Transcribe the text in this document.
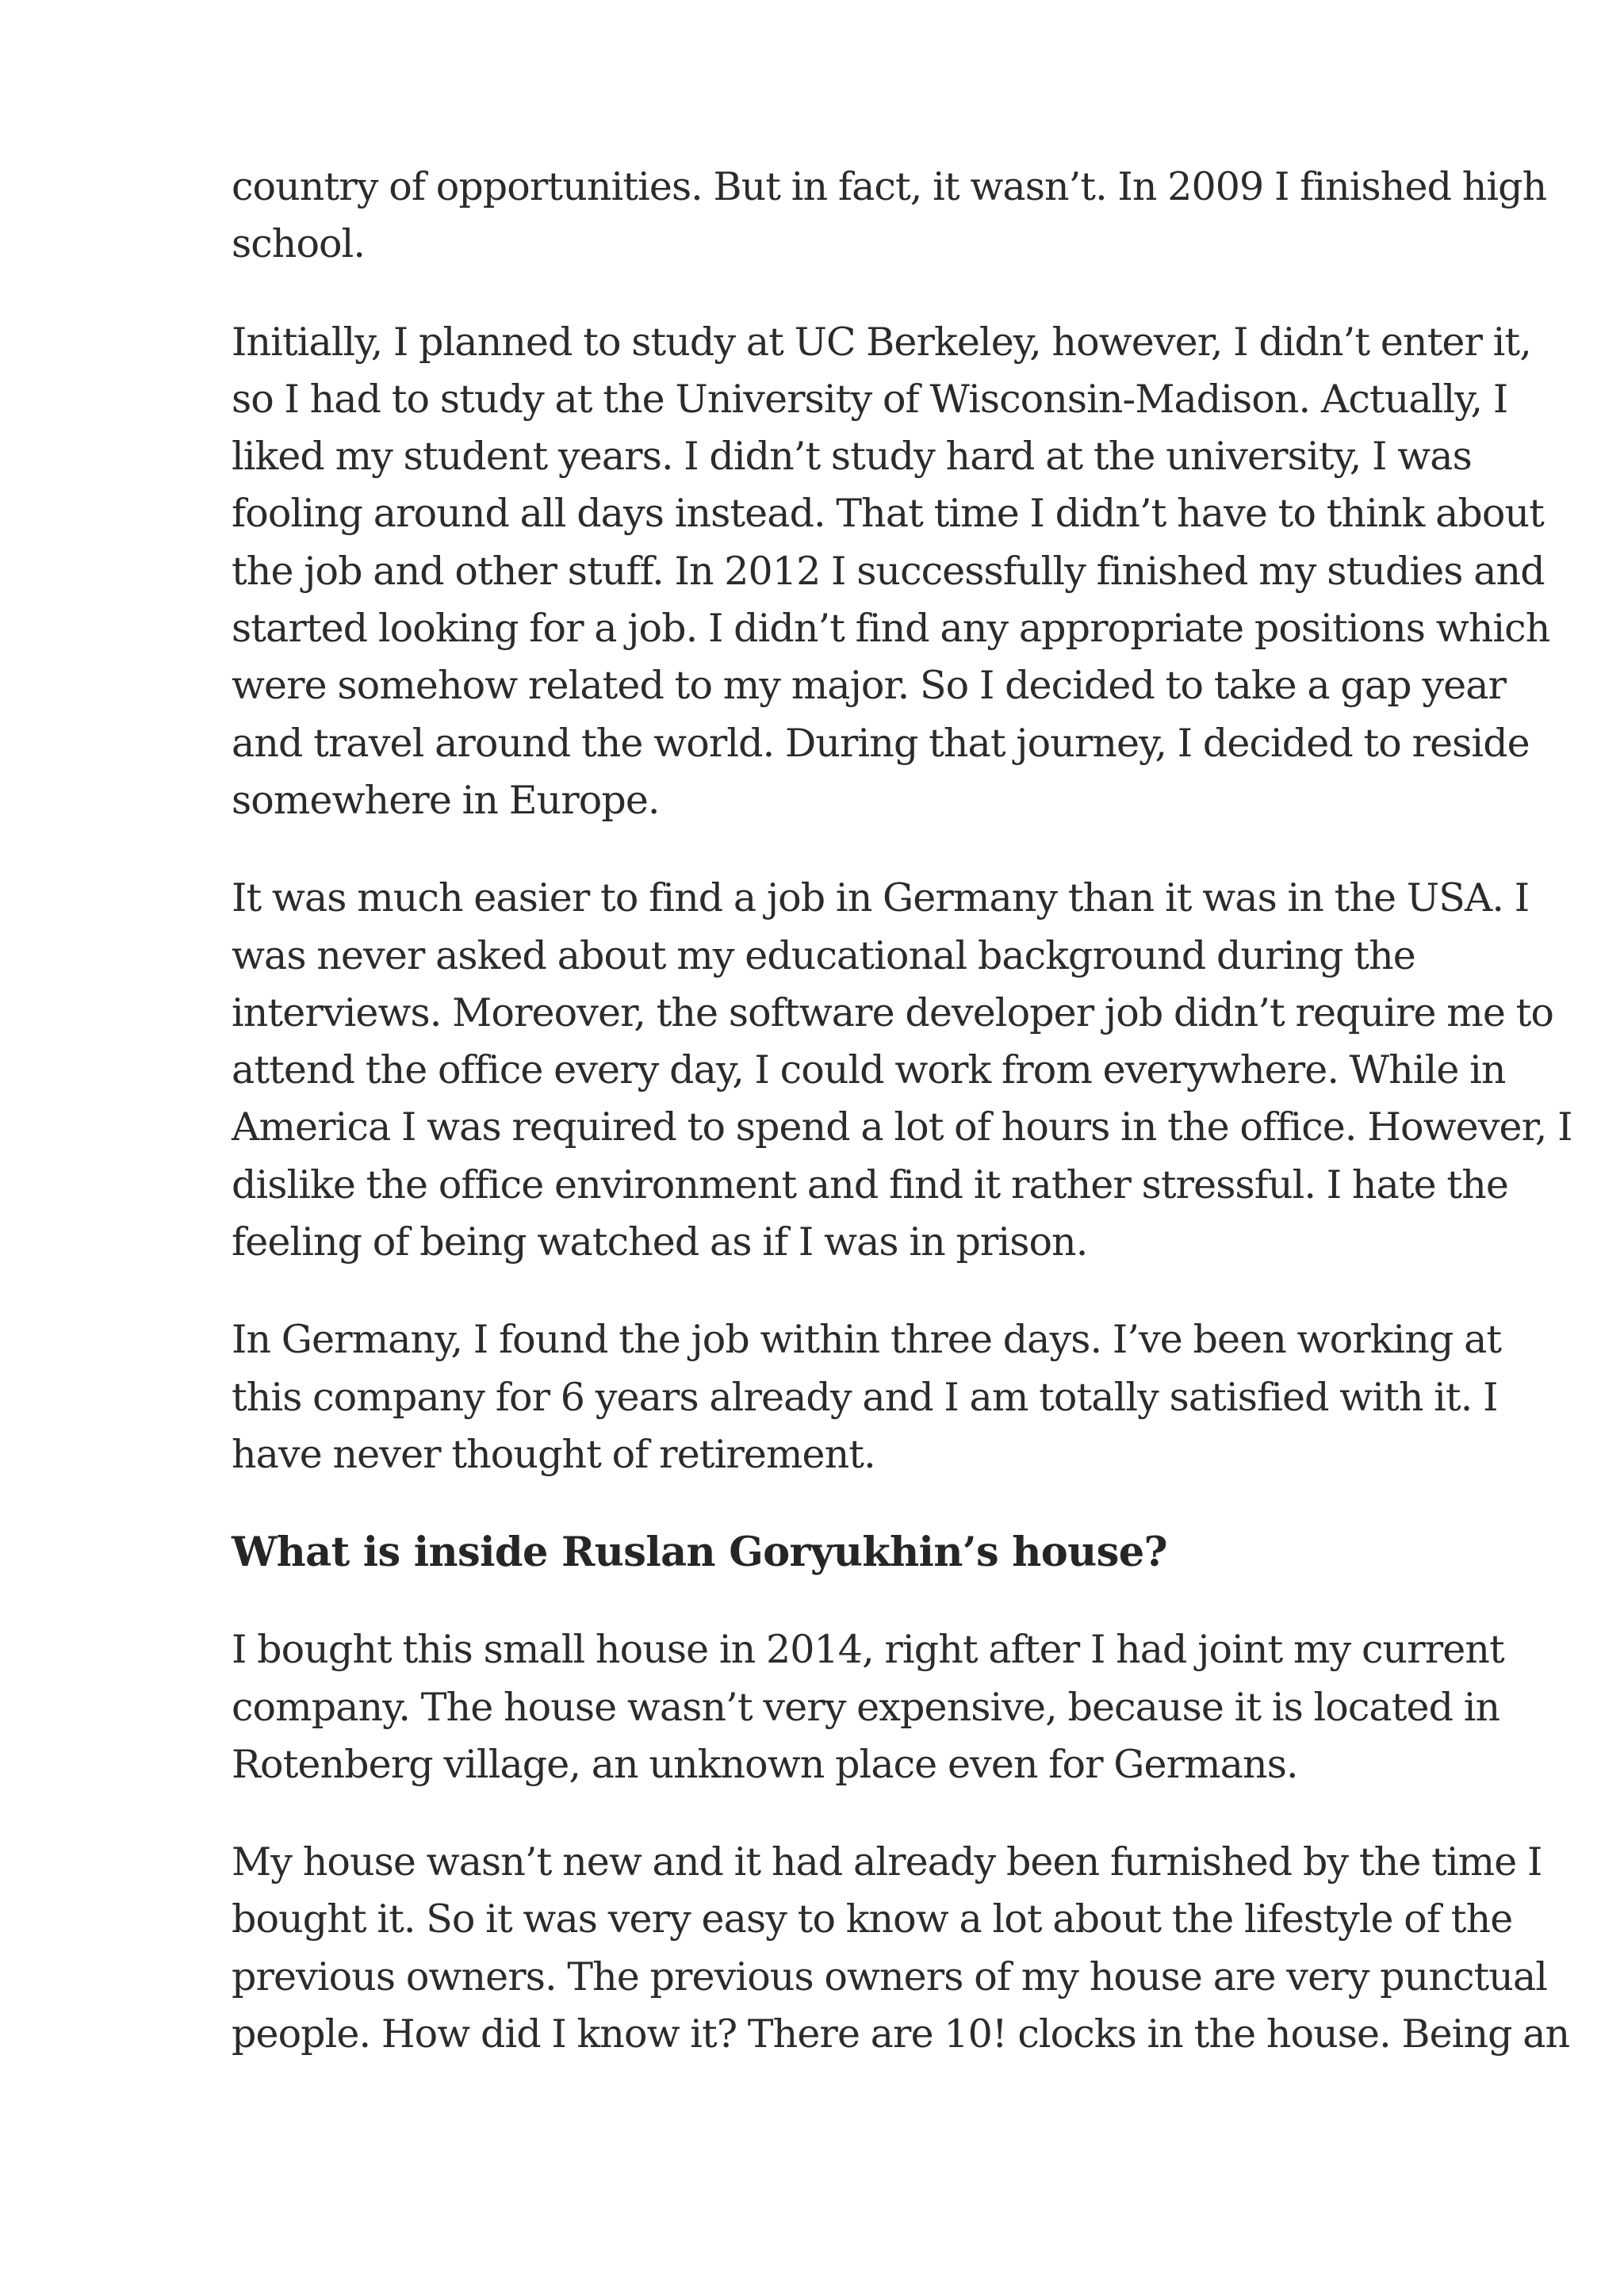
country of opportunities. But in fact, it wasn’t. In 2009 I finished high
school.

Initially, I planned to study at UC Berkeley, however, I didn’t enter it,
so I had to study at the University of Wisconsin-Madison. Actually, I
liked my student years. I didn’t study hard at the university, I was
fooling around all days instead. That time I didn’t have to think about
the job and other stuff. In 2012 I successfully finished my studies and
started looking for a job. I didn’t find any appropriate positions which
were somehow related to my major. So I decided to take a gap year
and travel around the world. During that journey, I decided to reside
somewhere in Europe.

It was much easier to find a job in Germany than it was in the USA. I
was never asked about my educational background during the
interviews. Moreover, the software developer job didn’t require me to
attend the office every day, I could work from everywhere. While in
America I was required to spend a lot of hours in the office. However, I
dislike the office environment and find it rather stressful. I hate the
feeling of being watched as if I was in prison.

In Germany, I found the job within three days. I’ve been working at
this company for 6 years already and I am totally satisfied with it. I
have never thought of retirement.

What is inside Ruslan Goryukhin’s house?

I bought this small house in 2014, right after I had joint my current
company. The house wasn’t very expensive, because it is located in
Rotenberg village, an unknown place even for Germans.

My house wasn’t new and it had already been furnished by the time I
bought it. So it was very easy to know a lot about the lifestyle of the
previous owners. The previous owners of my house are very punctual
people. How did I know it? There are 10! clocks in the house. Being an
